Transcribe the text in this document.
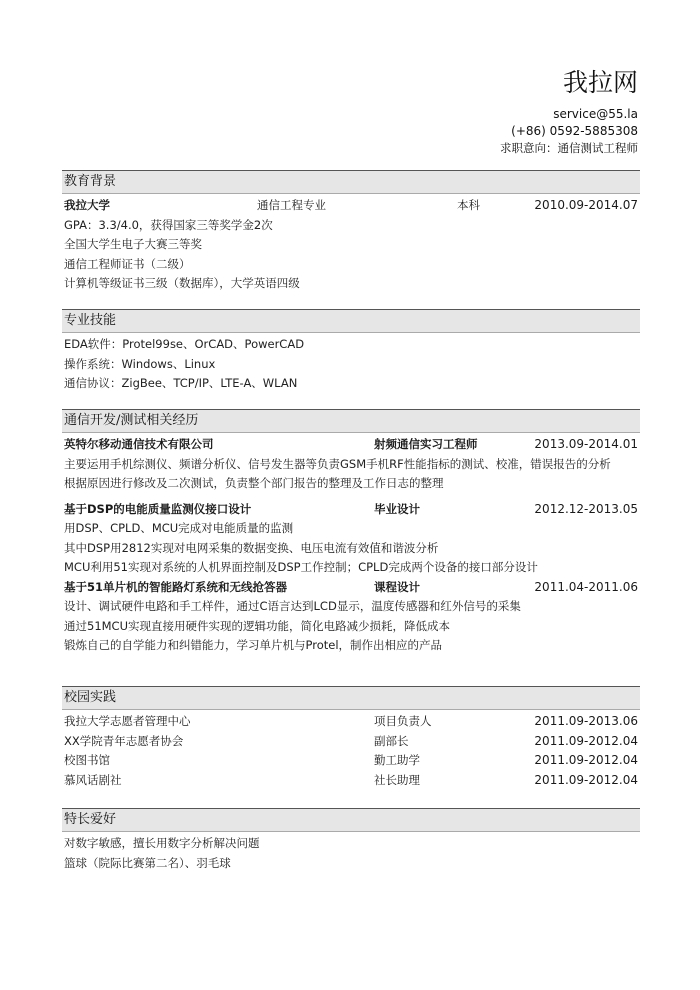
我拉网
service@55.la
(+86) 0592-5885308
求职意向：通信测试工程师
教育背景
我拉大学	通信工程专业	本科	2010.09-2014.07
GPA：3.3/4.0，获得国家三等奖学金2次
全国大学生电子大赛三等奖
通信工程师证书（二级）
计算机等级证书三级（数据库），大学英语四级
专业技能
EDA软件：Protel99se、OrCAD、PowerCAD
操作系统：Windows、Linux
通信协议：ZigBee、TCP/IP、LTE-A、WLAN
通信开发/测试相关经历
英特尔移动通信技术有限公司	射频通信实习工程师	2013.09-2014.01
主要运用手机综测仪、频谱分析仪、信号发生器等负责GSM手机RF性能指标的测试、校准，错误报告的分析
根据原因进行修改及二次测试，负责整个部门报告的整理及工作日志的整理
基于DSP的电能质量监测仪接口设计	毕业设计	2012.12-2013.05
用DSP、CPLD、MCU完成对电能质量的监测
其中DSP用2812实现对电网采集的数据变换、电压电流有效值和谐波分析
MCU利用51实现对系统的人机界面控制及DSP工作控制；CPLD完成两个设备的接口部分设计
基于51单片机的智能路灯系统和无线抢答器	课程设计	2011.04-2011.06
设计、调试硬件电路和手工样件，通过C语言达到LCD显示，温度传感器和红外信号的采集
通过51MCU实现直接用硬件实现的逻辑功能，简化电路减少损耗，降低成本
锻炼自己的自学能力和纠错能力，学习单片机与Protel，制作出相应的产品
校园实践
我拉大学志愿者管理中心	项目负责人	2011.09-2013.06
XX学院青年志愿者协会	副部长	2011.09-2012.04
校图书馆	勤工助学	2011.09-2012.04
慕风话剧社	社长助理	2011.09-2012.04
特长爱好
对数字敏感，擅长用数字分析解决问题
篮球（院际比赛第二名）、羽毛球
